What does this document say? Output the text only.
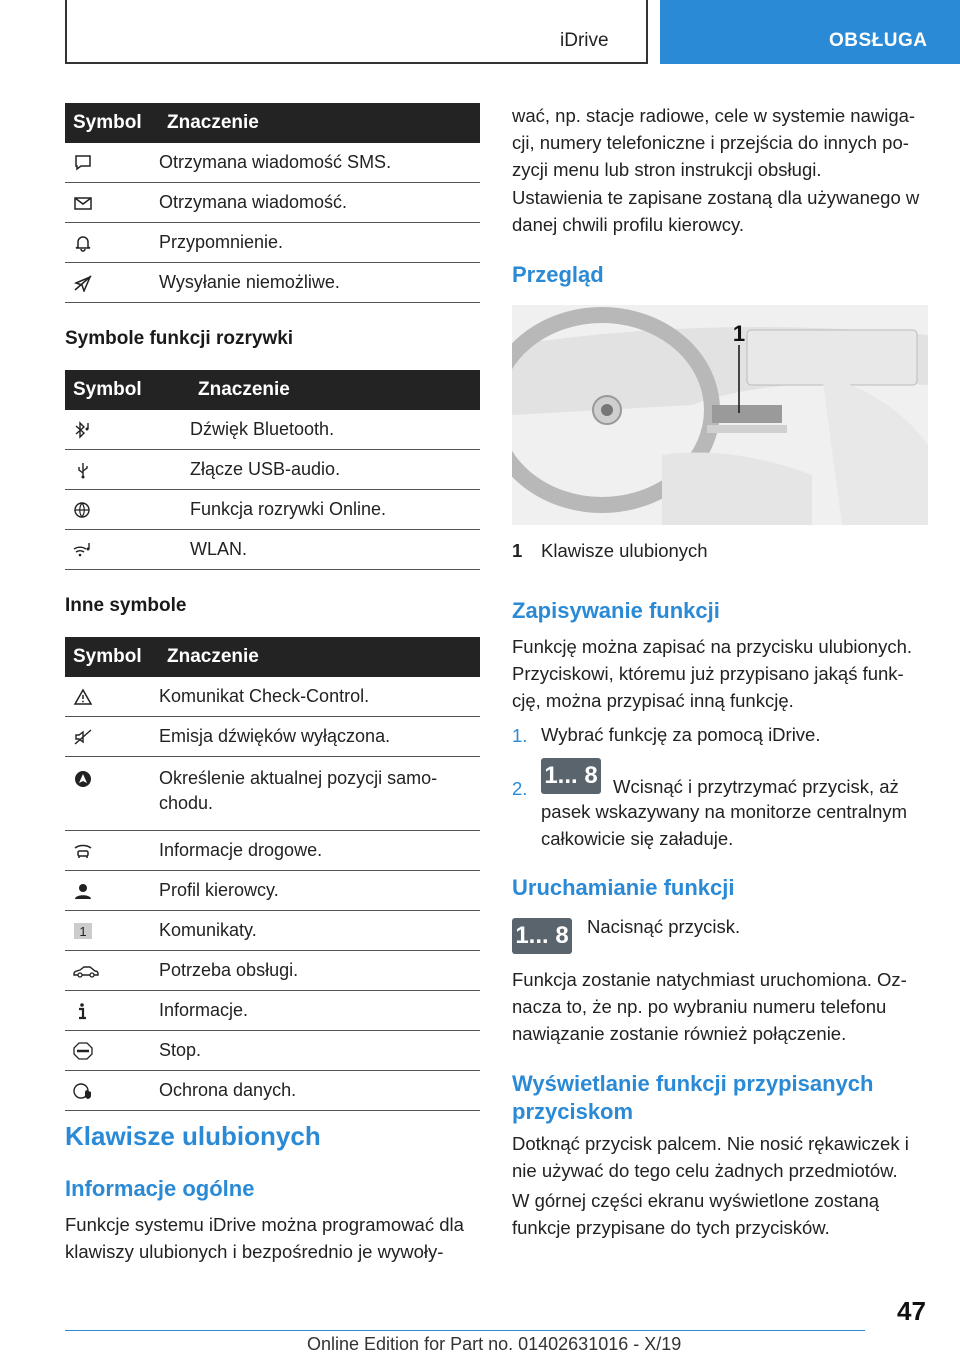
iDrive	OBSŁUGA
Symbol	Znaczenie
	Otrzymana wiadomość SMS.
	Otrzymana wiadomość.
	Przypomnienie.
	Wysyłanie niemożliwe.
Symbole funkcji rozrywki
Symbol	Znaczenie
	Dźwięk Bluetooth.
	Złącze USB-audio.
	Funkcja rozrywki Online.
	WLAN.
Inne symbole
Symbol	Znaczenie
	Komunikat Check-Control.
	Emisja dźwięków wyłączona.
	Określenie aktualnej pozycji samo-chodu.
	Informacje drogowe.
	Profil kierowcy.

1	Komunikaty.
	Potrzeba obsługi.
	Informacje.
	Stop.
	Ochrona danych.
Klawisze ulubionych
Informacje ogólne
Funkcje systemu iDrive można programować dla klawiszy ulubionych i bezpośrednio je wywoły-
wać, np. stacje radiowe, cele w systemie nawiga-cji, numery telefoniczne i przejścia do innych po-zycji menu lub stron instrukcji obsługi.
Ustawienia te zapisane zostaną dla używanego w danej chwili profilu kierowcy.
Przegląd
1
1 Klawisze ulubionych
Zapisywanie funkcji
Funkcję można zapisać na przycisku ulubionych. Przyciskowi, któremu już przypisano jakąś funk-cję, można przypisać inną funkcję.
1. Wybrać funkcję za pomocą iDrive.
2. 1... 8 Wcisnąć i przytrzymać przycisk, aż
pasek wskazywany na monitorze centralnym całkowicie się załaduje.
Uruchamianie funkcji
1... 8 Nacisnąć przycisk.
Funkcja zostanie natychmiast uruchomiona. Oz-nacza to, że np. po wybraniu numeru telefonu nawiązanie zostanie również połączenie.
Wyświetlanie funkcji przypisanych przyciskom
Dotknąć przycisk palcem. Nie nosić rękawiczek i nie używać do tego celu żadnych przedmiotów.
W górnej części ekranu wyświetlone zostaną funkcje przypisane do tych przycisków.
47
Online Edition for Part no. 01402631016 - X/19
